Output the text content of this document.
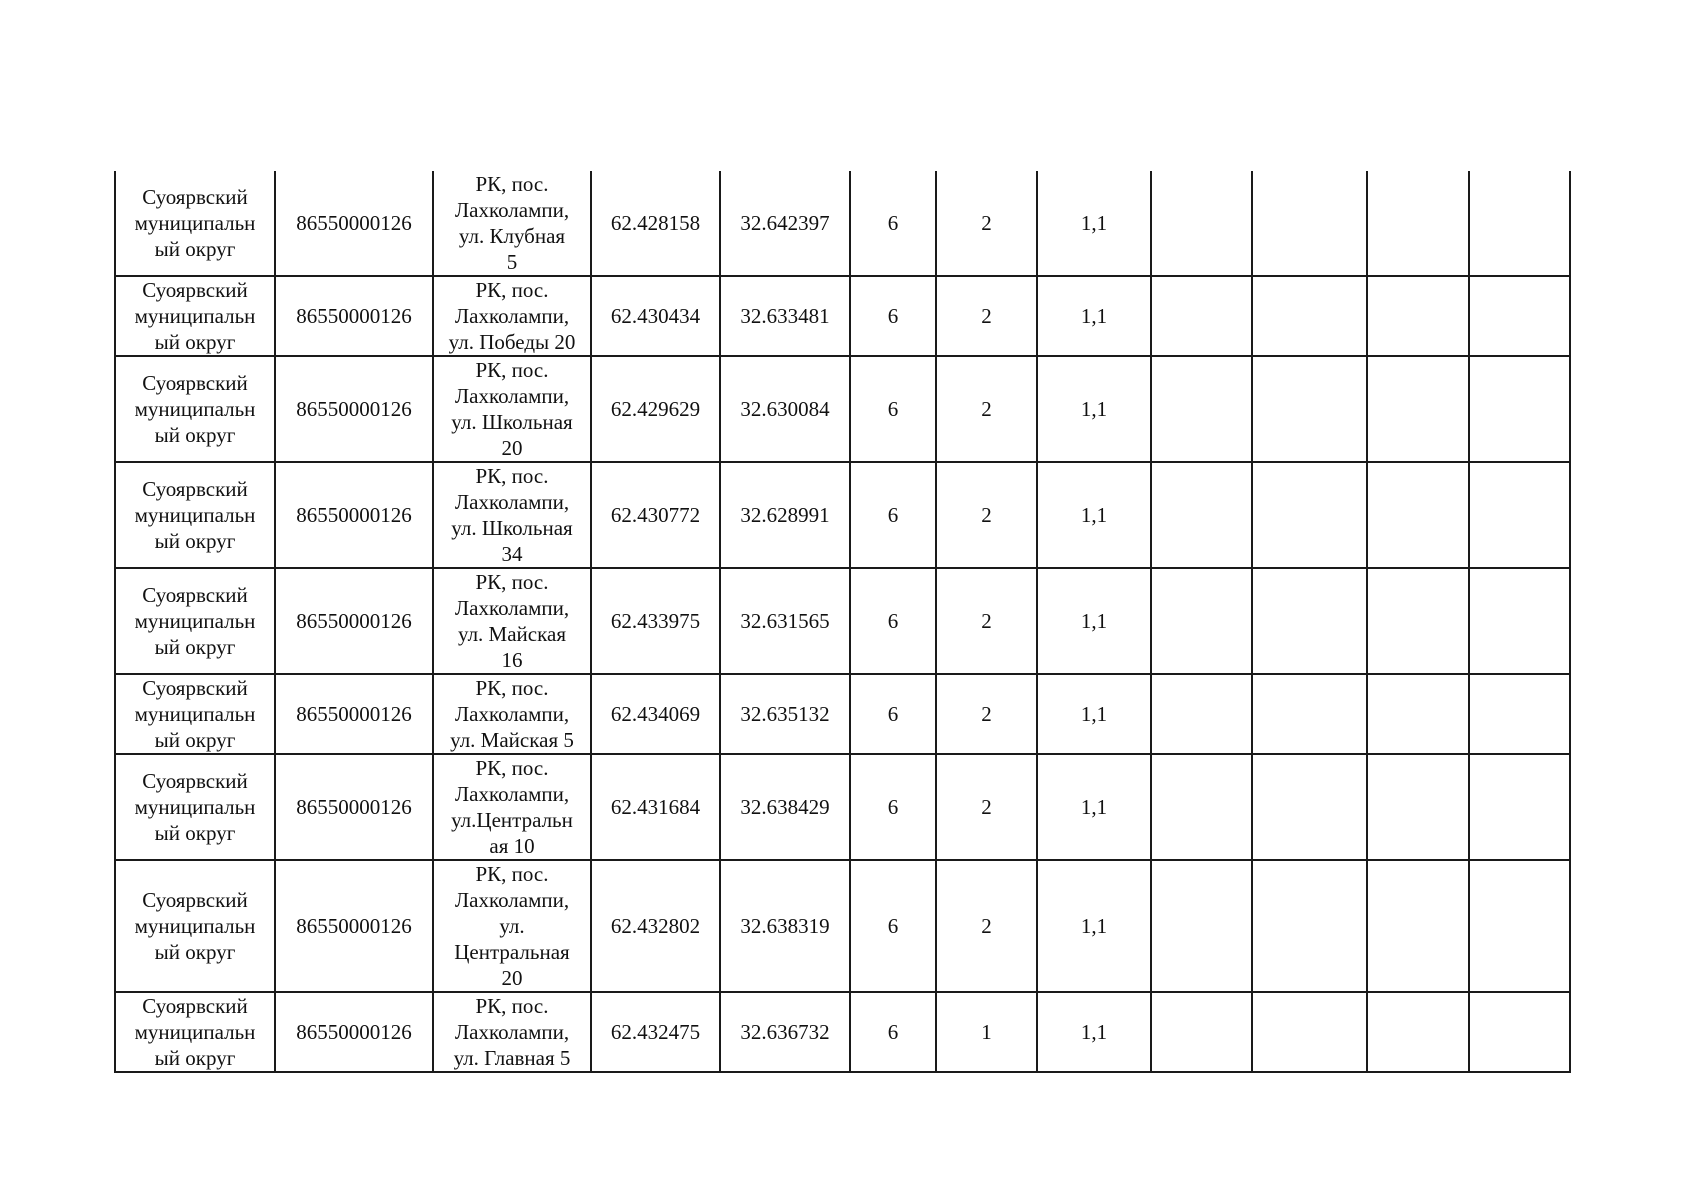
Суоярвский
муниципальн
ый округ	86550000126	РК, пос.
Лахколампи,
ул. Клубная
5	62.428158	32.642397	6	2	1,1				

Суоярвский
муниципальн
ый округ	86550000126	РК, пос.
Лахколампи,
ул. Победы 20	62.430434	32.633481	6	2	1,1				

Суоярвский
муниципальн
ый округ	86550000126	РК, пос.
Лахколампи,
ул. Школьная
20	62.429629	32.630084	6	2	1,1				

Суоярвский
муниципальн
ый округ	86550000126	РК, пос.
Лахколампи,
ул. Школьная
34	62.430772	32.628991	6	2	1,1				

Суоярвский
муниципальн
ый округ	86550000126	РК, пос.
Лахколампи,
ул. Майская
16	62.433975	32.631565	6	2	1,1				

Суоярвский
муниципальн
ый округ	86550000126	РК, пос.
Лахколампи,
ул. Майская 5	62.434069	32.635132	6	2	1,1				

Суоярвский
муниципальн
ый округ	86550000126	РК, пос.
Лахколампи,
ул.Центральн
ая 10	62.431684	32.638429	6	2	1,1				

Суоярвский
муниципальн
ый округ	86550000126	РК, пос.
Лахколампи,
ул.
Центральная
20	62.432802	32.638319	6	2	1,1				

Суоярвский
муниципальн
ый округ	86550000126	РК, пос.
Лахколампи,
ул. Главная 5	62.432475	32.636732	6	1	1,1				
